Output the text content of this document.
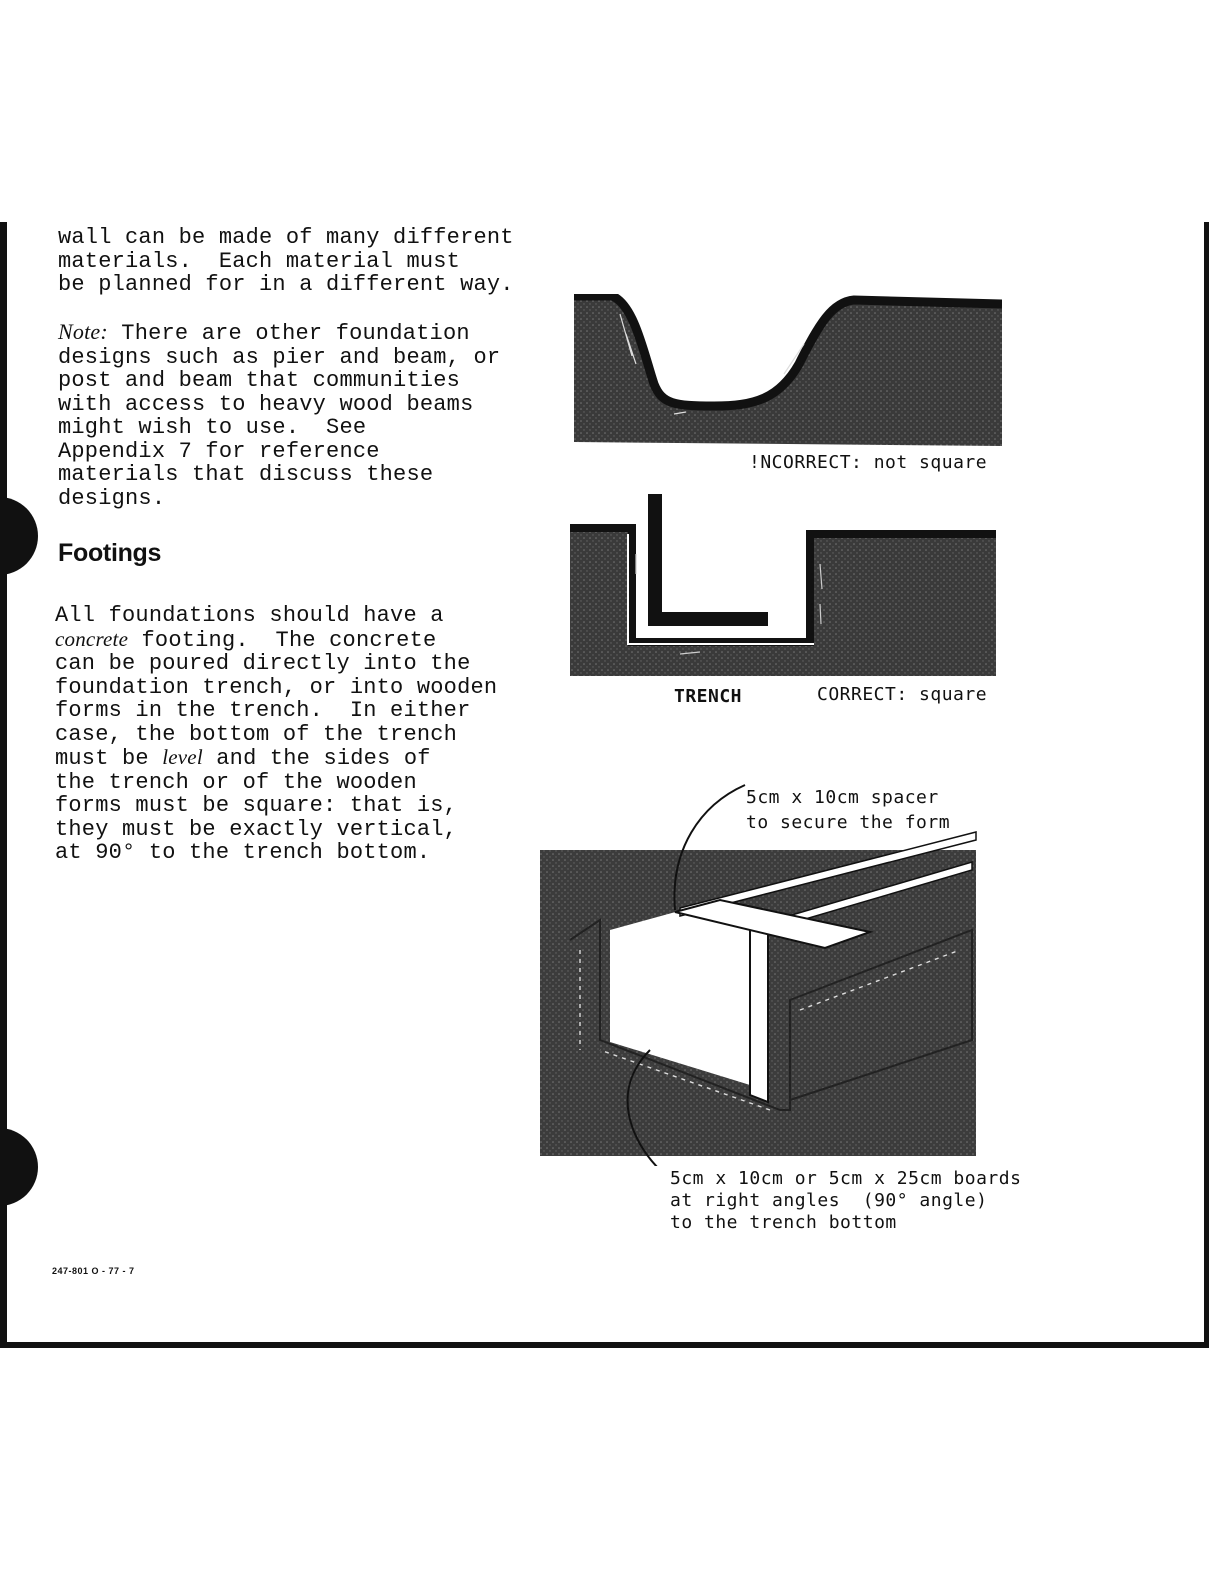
wall can be made of many different
materials.  Each material must
be planned for in a different way.
Note: There are other foundation
designs such as pier and beam, or
post and beam that communities
with access to heavy wood beams
might wish to use.  See
Appendix 7 for reference
materials that discuss these
designs.
Footings
All foundations should have a
concrete footing.  The concrete
can be poured directly into the
foundation trench, or into wooden
forms in the trench.  In either
case, the bottom of the trench
must be level and the sides of
the trench or of the wooden
forms must be square: that is,
they must be exactly vertical,
at 90° to the trench bottom.
!NCORRECT: not square
TRENCH	CORRECT: square
5cm x 10cm spacer
to secure the form
5cm x 10cm or 5cm x 25cm boards
at right angles  (90° angle)
to the trench bottom
247-801 O - 77 - 7
